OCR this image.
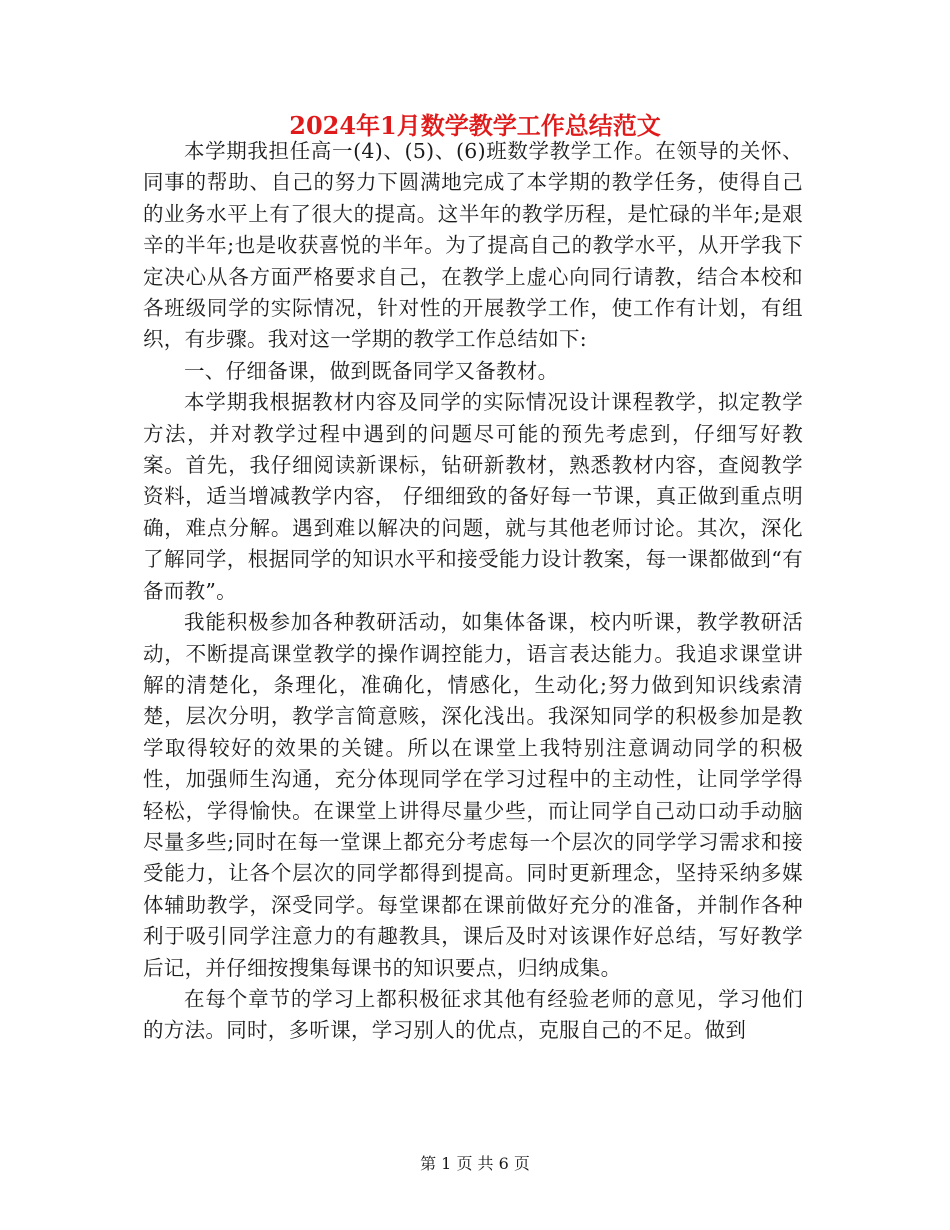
2024年1月数学教学工作总结范文

本学期我担任高一(4)、(5)、(6)班数学教学工作。在领导的关怀、同事的帮助、自己的努力下圆满地完成了本学期的教学任务，使得自己的业务水平上有了很大的提高。这半年的教学历程，是忙碌的半年;是艰辛的半年;也是收获喜悦的半年。为了提高自己的教学水平，从开学我下定决心从各方面严格要求自己，在教学上虚心向同行请教，结合本校和各班级同学的实际情况，针对性的开展教学工作，使工作有计划，有组织，有步骤。我对这一学期的教学工作总结如下:

一、仔细备课，做到既备同学又备教材。

本学期我根据教材内容及同学的实际情况设计课程教学，拟定教学方法，并对教学过程中遇到的问题尽可能的预先考虑到，仔细写好教案。首先，我仔细阅读新课标，钻研新教材，熟悉教材内容，查阅教学资料，适当增减教学内容， 仔细细致的备好每一节课，真正做到重点明确，难点分解。遇到难以解决的问题，就与其他老师讨论。其次，深化了解同学，根据同学的知识水平和接受能力设计教案，每一课都做到“有备而教”。

我能积极参加各种教研活动，如集体备课，校内听课，教学教研活动，不断提高课堂教学的操作调控能力，语言表达能力。我追求课堂讲解的清楚化，条理化，准确化，情感化，生动化;努力做到知识线索清楚，层次分明，教学言简意赅，深化浅出。我深知同学的积极参加是教学取得较好的效果的关键。所以在课堂上我特别注意调动同学的积极性，加强师生沟通，充分体现同学在学习过程中的主动性，让同学学得轻松，学得愉快。在课堂上讲得尽量少些，而让同学自己动口动手动脑尽量多些;同时在每一堂课上都充分考虑每一个层次的同学学习需求和接受能力，让各个层次的同学都得到提高。同时更新理念，坚持采纳多媒体辅助教学，深受同学。每堂课都在课前做好充分的准备，并制作各种利于吸引同学注意力的有趣教具，课后及时对该课作好总结，写好教学后记，并仔细按搜集每课书的知识要点，归纳成集。

在每个章节的学习上都积极征求其他有经验老师的意见，学习他们的方法。同时，多听课，学习别人的优点，克服自己的不足。做到

第 1 页 共 6 页
